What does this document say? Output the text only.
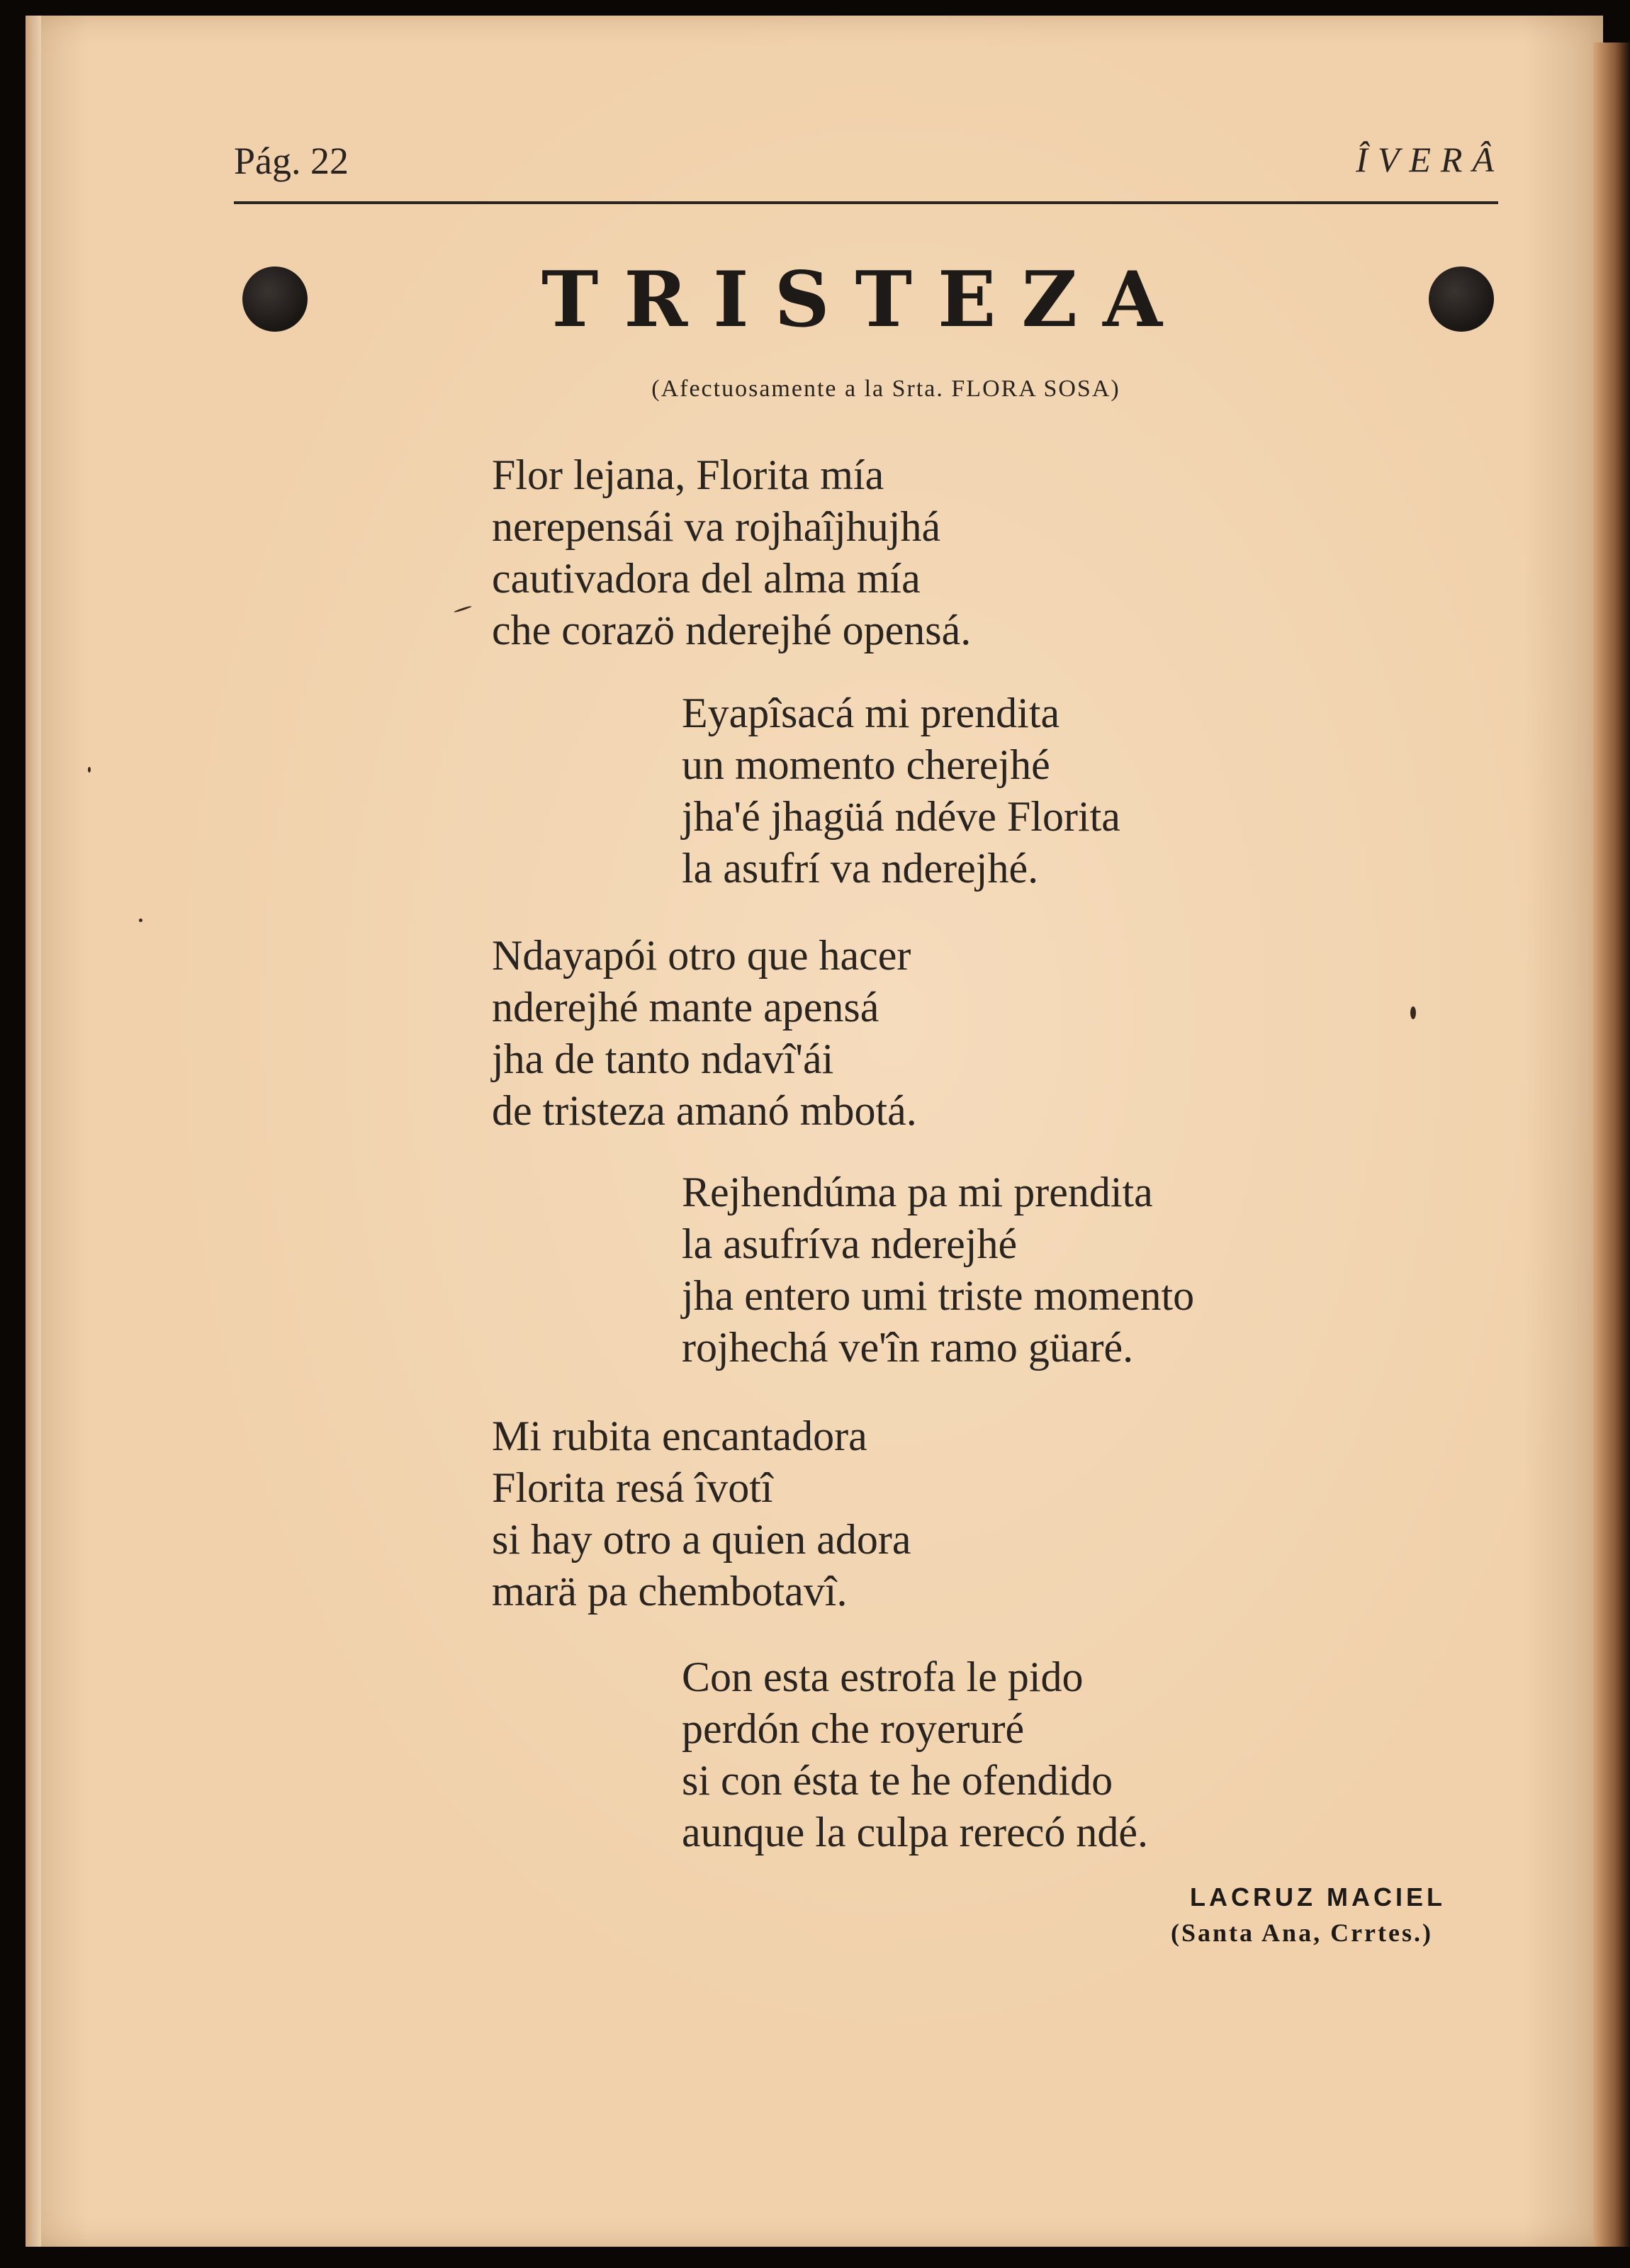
Pág. 22	ÎVERÂ
TRISTEZA
(Afectuosamente a la Srta. FLORA SOSA)

Flor lejana, Florita mía
nerepensái va rojhaîjhujhá
cautivadora del alma mía
che corazö nderejhé opensá.

Eyapîsacá mi prendita
un momento cherejhé
jha'é jhagüá ndéve Florita
la asufrí va nderejhé.

Ndayapói otro que hacer
nderejhé mante apensá
jha de tanto ndavî'ái
de tristeza amanó mbotá.

Rejhendúma pa mi prendita
la asufríva nderejhé
jha entero umi triste momento
rojhechá ve'în ramo güaré.

Mi rubita encantadora
Florita resá îvotî
si hay otro a quien adora
marä pa chembotavî.

Con esta estrofa le pido
perdón che royeruré
si con ésta te he ofendido
aunque la culpa rerecó ndé.

LACRUZ MACIEL
(Santa Ana, Crrtes.)
